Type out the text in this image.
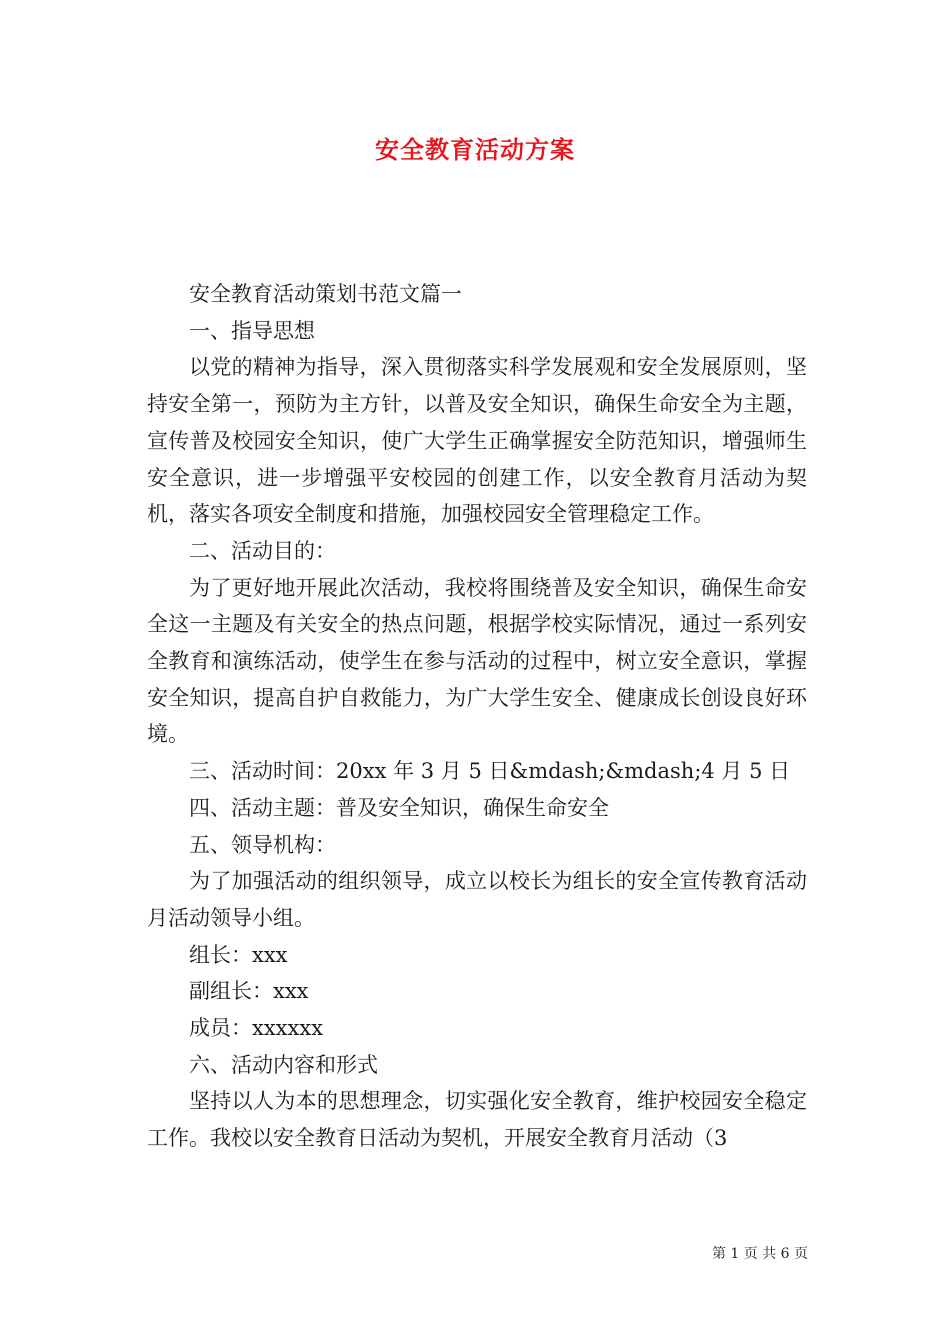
安全教育活动方案

安全教育活动策划书范文篇一

一、指导思想

以党的精神为指导，深入贯彻落实科学发展观和安全发展原则，坚持安全第一，预防为主方针，以普及安全知识，确保生命安全为主题，宣传普及校园安全知识，使广大学生正确掌握安全防范知识，增强师生安全意识，进一步增强平安校园的创建工作，以安全教育月活动为契机，落实各项安全制度和措施，加强校园安全管理稳定工作。

二、活动目的：

为了更好地开展此次活动，我校将围绕普及安全知识，确保生命安全这一主题及有关安全的热点问题，根据学校实际情况，通过一系列安全教育和演练活动，使学生在参与活动的过程中，树立安全意识，掌握安全知识，提高自护自救能力，为广大学生安全、健康成长创设良好环境。

三、活动时间：20xx 年 3 月 5 日&mdash;&mdash;4 月 5 日

四、活动主题：普及安全知识，确保生命安全

五、领导机构：

为了加强活动的组织领导，成立以校长为组长的安全宣传教育活动月活动领导小组。

组长：xxx

副组长：xxx

成员：xxxxxx

六、活动内容和形式

坚持以人为本的思想理念，切实强化安全教育，维护校园安全稳定工作。我校以安全教育日活动为契机，开展安全教育月活动（3

第 1 页 共 6 页
